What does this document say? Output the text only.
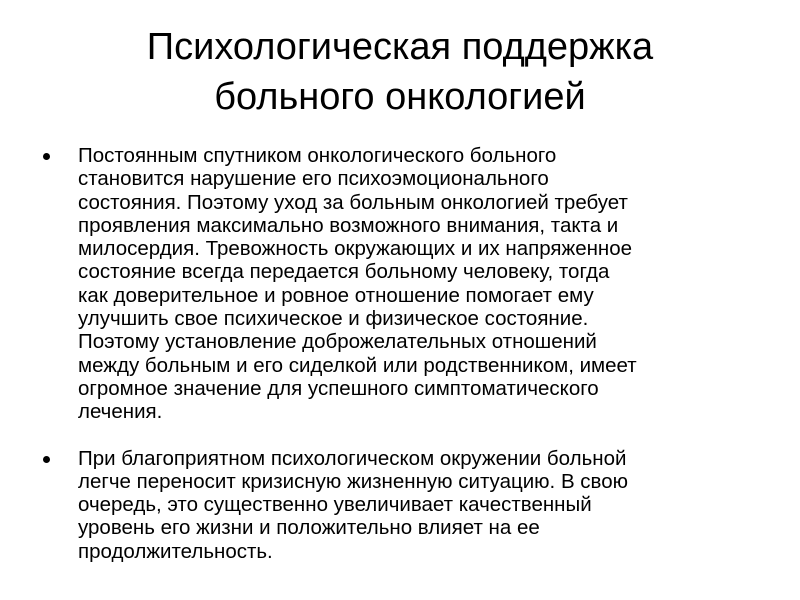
Психологическая поддержка
больного онкологией
Постоянным спутником онкологического больного
становится нарушение его психоэмоционального
состояния. Поэтому уход за больным онкологией требует
проявления максимально возможного внимания, такта и
милосердия. Тревожность окружающих и их напряженное
состояние всегда передается больному человеку, тогда
как доверительное и ровное отношение помогает ему
улучшить свое психическое и физическое состояние.
Поэтому установление доброжелательных отношений
между больным и его сиделкой или родственником, имеет
огромное значение для успешного симптоматического
лечения.
При благоприятном психологическом окружении больной
легче переносит кризисную жизненную ситуацию. В свою
очередь, это существенно увеличивает качественный
уровень его жизни и положительно влияет на ее
продолжительность.
